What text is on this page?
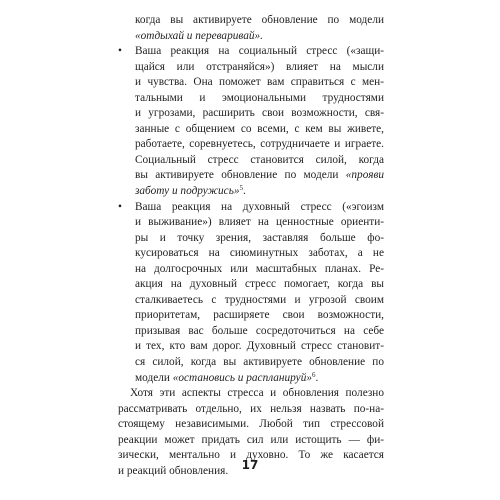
когда вы активируете обновление по модели
«отдыхай и переваривай».
•	Ваша реакция на социальный стресс («защи-
щайся или отстраняйся») влияет на мысли
и чувства. Она поможет вам справиться с мен-
тальными и эмоциональными трудностями
и угрозами, расширить свои возможности, свя-
занные с общением со всеми, с кем вы живете,
работаете, соревнуетесь, сотрудничаете и играете.
Социальный стресс становится силой, когда
вы активируете обновление по модели «прояви
заботу и подружись»$^5$.
•	Ваша реакция на духовный стресс («эгоизм
и выживание») влияет на ценностные ориенти-
ры и точку зрения, заставляя больше фо-
кусироваться на сиюминутных заботах, а не
на долгосрочных или масштабных планах. Ре-
акция на духовный стресс помогает, когда вы
сталкиваетесь с трудностями и угрозой своим
приоритетам, расширяете свои возможности,
призывая вас больше сосредоточиться на себе
и тех, кто вам дорог. Духовный стресс становит-
ся силой, когда вы активируете обновление по
модели «остановись и распланируй»$^6$.
Хотя эти аспекты стресса и обновления полезно
рассматривать отдельно, их нельзя назвать по-на-
стоящему независимыми. Любой тип стрессовой
реакции может придать сил или истощить — фи-
зически, ментально и духовно. То же касается
и реакций обновления.	17
